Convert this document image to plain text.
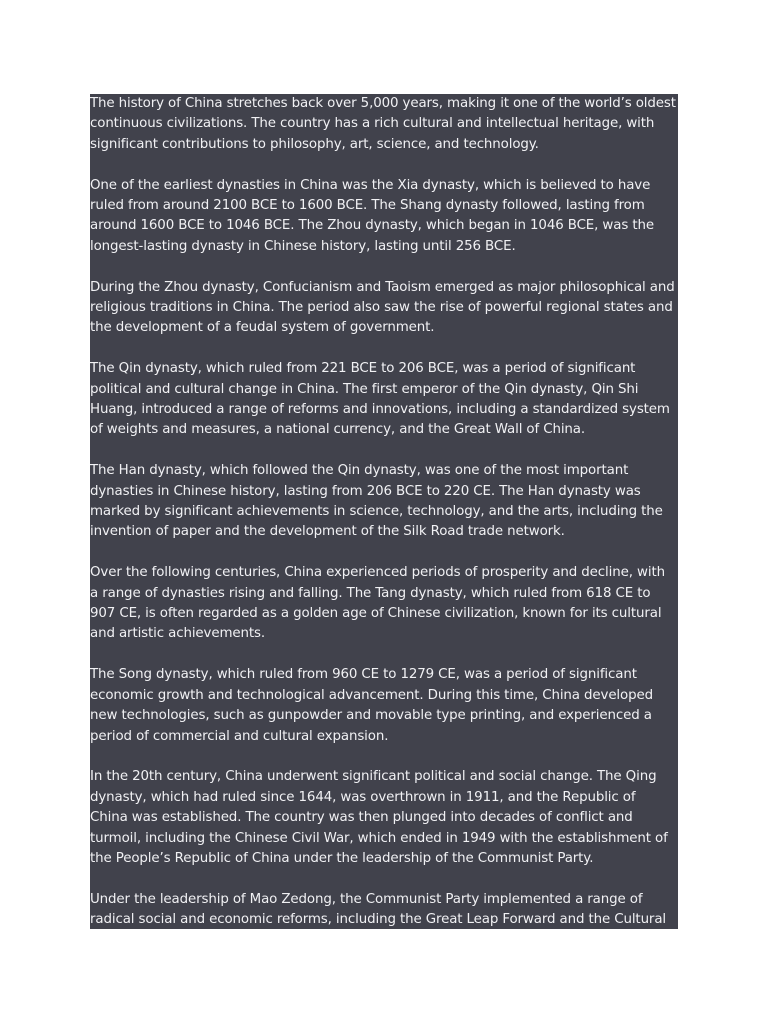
The history of China stretches back over 5,000 years, making it one of the world’s oldest continuous civilizations. The country has a rich cultural and intellectual heritage, with significant contributions to philosophy, art, science, and technology.

One of the earliest dynasties in China was the Xia dynasty, which is believed to have ruled from around 2100 BCE to 1600 BCE. The Shang dynasty followed, lasting from around 1600 BCE to 1046 BCE. The Zhou dynasty, which began in 1046 BCE, was the longest-lasting dynasty in Chinese history, lasting until 256 BCE.

During the Zhou dynasty, Confucianism and Taoism emerged as major philosophical and religious traditions in China. The period also saw the rise of powerful regional states and the development of a feudal system of government.

The Qin dynasty, which ruled from 221 BCE to 206 BCE, was a period of significant political and cultural change in China. The first emperor of the Qin dynasty, Qin Shi Huang, introduced a range of reforms and innovations, including a standardized system of weights and measures, a national currency, and the Great Wall of China.

The Han dynasty, which followed the Qin dynasty, was one of the most important dynasties in Chinese history, lasting from 206 BCE to 220 CE. The Han dynasty was marked by significant achievements in science, technology, and the arts, including the invention of paper and the development of the Silk Road trade network.

Over the following centuries, China experienced periods of prosperity and decline, with a range of dynasties rising and falling. The Tang dynasty, which ruled from 618 CE to 907 CE, is often regarded as a golden age of Chinese civilization, known for its cultural and artistic achievements.

The Song dynasty, which ruled from 960 CE to 1279 CE, was a period of significant economic growth and technological advancement. During this time, China developed new technologies, such as gunpowder and movable type printing, and experienced a period of commercial and cultural expansion.

In the 20th century, China underwent significant political and social change. The Qing dynasty, which had ruled since 1644, was overthrown in 1911, and the Republic of China was established. The country was then plunged into decades of conflict and turmoil, including the Chinese Civil War, which ended in 1949 with the establishment of the People’s Republic of China under the leadership of the Communist Party.

Under the leadership of Mao Zedong, the Communist Party implemented a range of radical social and economic reforms, including the Great Leap Forward and the Cultural
